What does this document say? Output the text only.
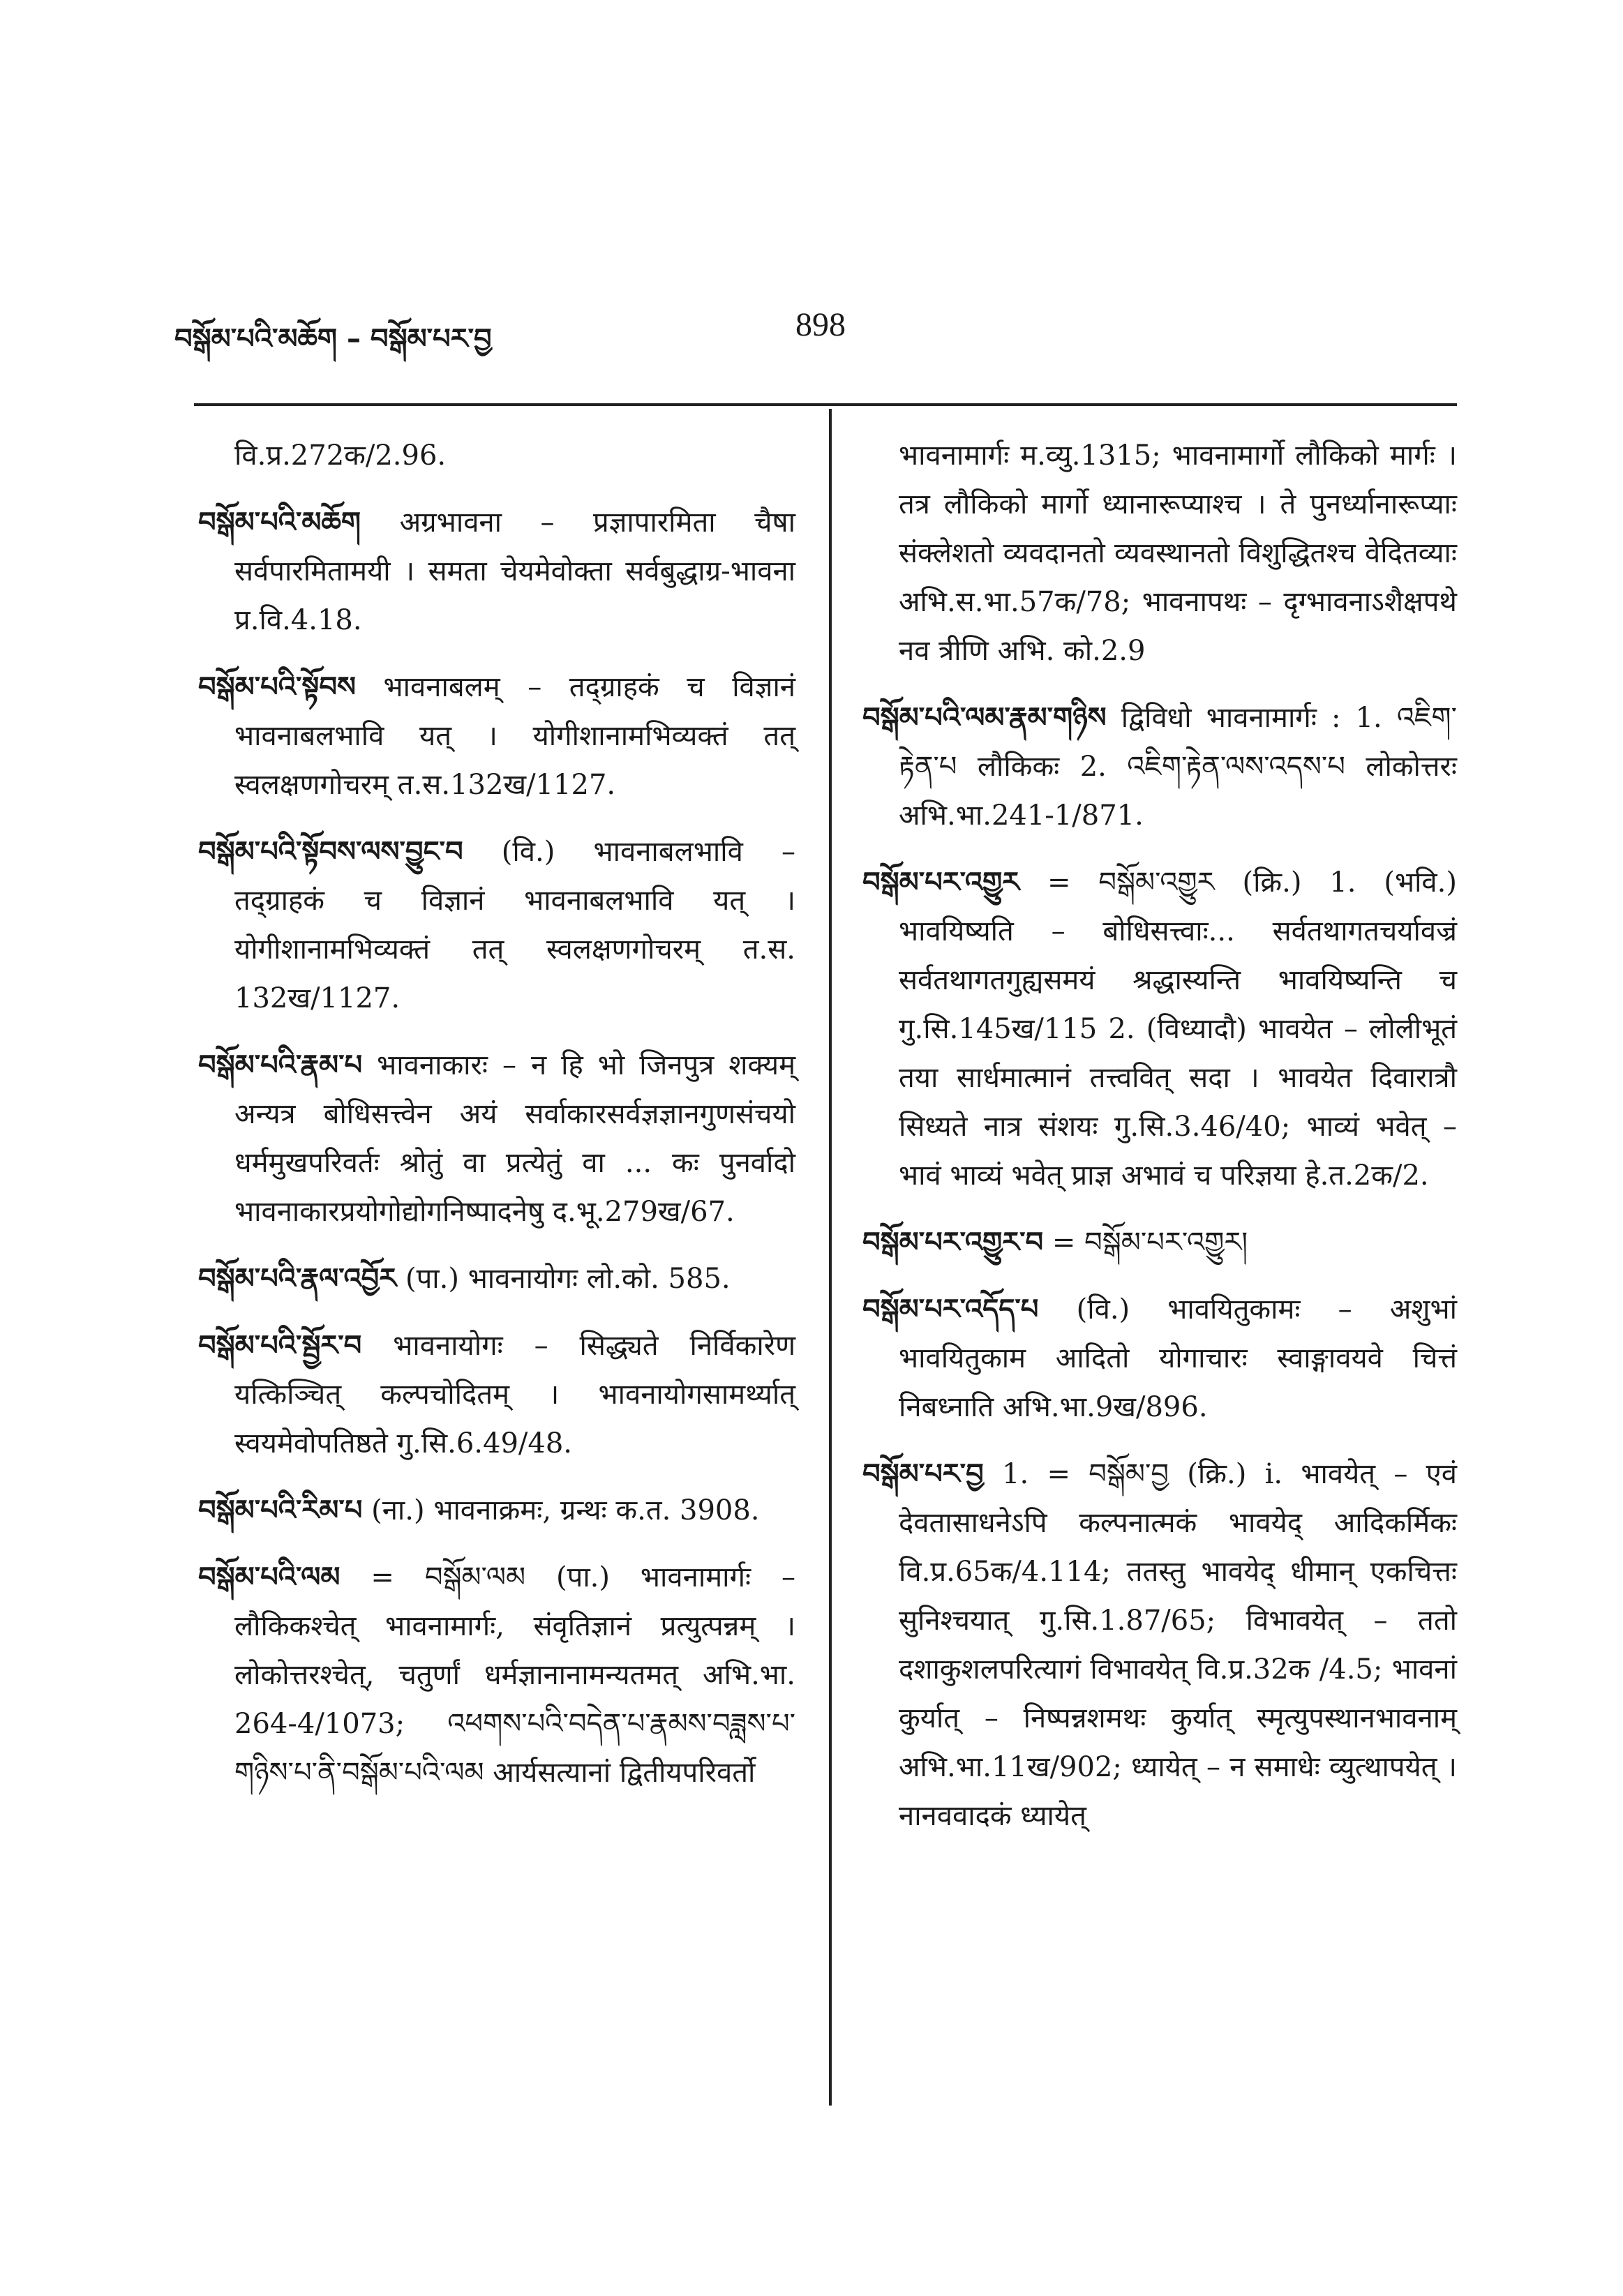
བསྒོམ་པའི་མཆོག – བསྒོམ་པར་བྱ	898

वि.प्र.272क/2.96.

བསྒོམ་པའི་མཆོག अग्रभावना – प्रज्ञापारमिता चैषा सर्वपारमितामयी । समता चेयमेवोक्ता सर्वबुद्धाग्र-भावना प्र.वि.4.18.

བསྒོམ་པའི་སྟོབས भावनाबलम् – तद्ग्राहकं च विज्ञानं भावनाबलभावि यत् । योगीशानामभिव्यक्तं तत् स्वलक्षणगोचरम् त.स.132ख/1127.

བསྒོམ་པའི་སྟོབས་ལས་བྱུང་བ (वि.) भावनाबलभावि – तद्ग्राहकं च विज्ञानं भावनाबलभावि यत् । योगीशानामभिव्यक्तं तत् स्वलक्षणगोचरम् त.स. 132ख/1127.

བསྒོམ་པའི་རྣམ་པ भावनाकारः – न हि भो जिनपुत्र शक्यम् अन्यत्र बोधिसत्त्वेन अयं सर्वाकारसर्वज्ञज्ञानगुणसंचयो धर्ममुखपरिवर्तः श्रोतुं वा प्रत्येतुं वा ... कः पुनर्वादो भावनाकारप्रयोगोद्योगनिष्पादनेषु द.भू.279ख/67.

བསྒོམ་པའི་རྣལ་འབྱོར (पा.) भावनायोगः लो.को. 585.

བསྒོམ་པའི་སྦྱོར་བ भावनायोगः – सिद्ध्यते निर्विकारेण यत्किञ्चित् कल्पचोदितम् । भावनायोगसामर्थ्यात् स्वयमेवोपतिष्ठते गु.सि.6.49/48.

བསྒོམ་པའི་རིམ་པ (ना.) भावनाक्रमः, ग्रन्थः क.त. 3908.

བསྒོམ་པའི་ལམ = བསྒོམ་ལམ (पा.) भावनामार्गः – लौकिकश्चेत् भावनामार्गः, संवृतिज्ञानं प्रत्युत्पन्नम् । लोकोत्तरश्चेत्, चतुर्णां धर्मज्ञानानामन्यतमत् अभि.भा. 264-4/1073; འཕགས་པའི་བདེན་པ་རྣམས་བཟླས་པ་གཉིས་པ་ནི་བསྒོམ་པའི་ལམ आर्यसत्यानां द्वितीयपरिवर्तो

भावनामार्गः म.व्यु.1315; भावनामार्गो लौकिको मार्गः । तत्र लौकिको मार्गो ध्यानारूप्याश्च । ते पुनर्ध्यानारूप्याः संक्लेशतो व्यवदानतो व्यवस्थानतो विशुद्धितश्च वेदितव्याः अभि.स.भा.57क/78; भावनापथः – दृग्भावनाऽशैक्षपथे नव त्रीणि अभि. को.2.9

བསྒོམ་པའི་ལམ་རྣམ་གཉིས द्विविधो भावनामार्गः : 1. འཇིག་རྟེན་པ लौकिकः 2. འཇིག་རྟེན་ལས་འདས་པ लोकोत्तरः अभि.भा.241-1/871.

བསྒོམ་པར་འགྱུར = བསྒོམ་འགྱུར (क्रि.) 1. (भवि.) भावयिष्यति – बोधिसत्त्वाः... सर्वतथागतचर्यावज्रं सर्वतथागतगुह्यसमयं श्रद्धास्यन्ति भावयिष्यन्ति च गु.सि.145ख/115 2. (विध्यादौ) भावयेत – लोलीभूतं तया सार्धमात्मानं तत्त्ववित् सदा । भावयेत दिवारात्रौ सिध्यते नात्र संशयः गु.सि.3.46/40; भाव्यं भवेत् – भावं भाव्यं भवेत् प्राज्ञ अभावं च परिज्ञया हे.त.2क/2.

བསྒོམ་པར་འགྱུར་བ = བསྒོམ་པར་འགྱུར།

བསྒོམ་པར་འདོད་པ (वि.) भावयितुकामः – अशुभां भावयितुकाम आदितो योगाचारः स्वाङ्गावयवे चित्तं निबध्नाति अभि.भा.9ख/896.

བསྒོམ་པར་བྱ 1. = བསྒོམ་བྱ (क्रि.) i. भावयेत् – एवं देवतासाधनेऽपि कल्पनात्मकं भावयेद् आदिकर्मिकः वि.प्र.65क/4.114; ततस्तु भावयेद् धीमान् एकचित्तः सुनिश्चयात् गु.सि.1.87/65; विभावयेत् – ततो दशाकुशलपरित्यागं विभावयेत् वि.प्र.32क /4.5; भावनां कुर्यात् – निष्पन्नशमथः कुर्यात् स्मृत्युपस्थानभावनाम् अभि.भा.11ख/902; ध्यायेत् – न समाधेः व्युत्थापयेत् । नानववादकं ध्यायेत्
